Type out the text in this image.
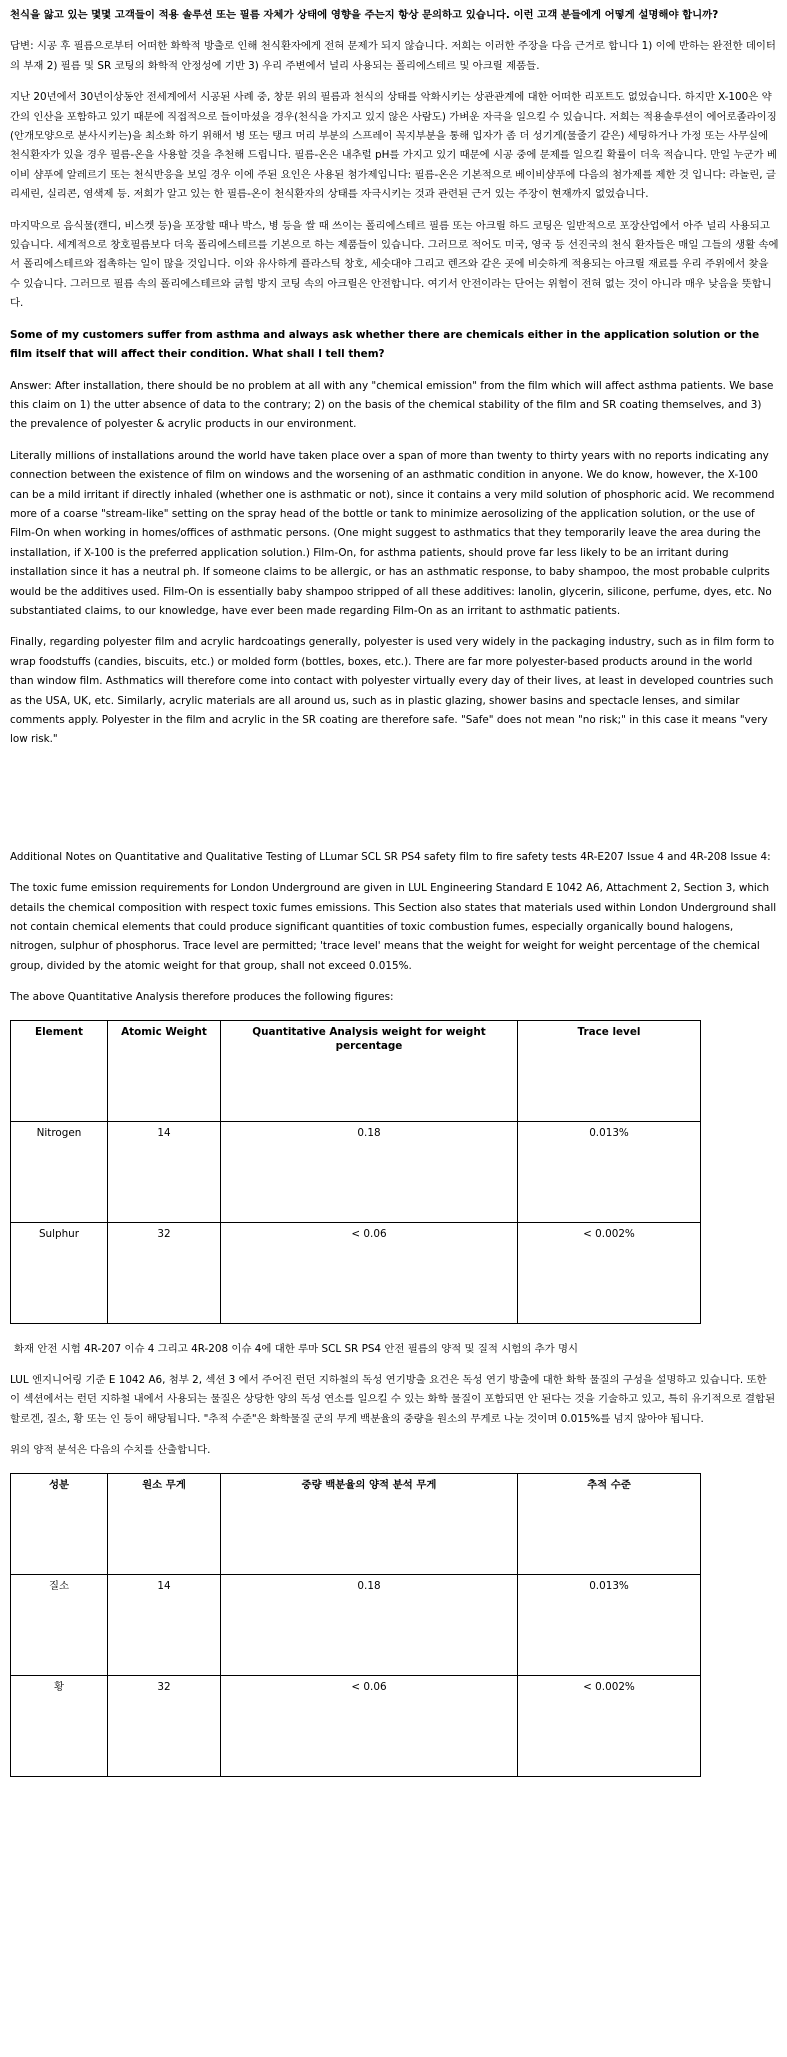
천식을 앓고 있는 몇몇 고객들이 적용 솔루션 또는 필름 자체가 상태에 영향을 주는지 항상 문의하고 있습니다. 이런 고객 분들에게 어떻게 설명해야 합니까?

답변: 시공 후 필름으로부터 어떠한 화학적 방출로 인해 천식환자에게 전혀 문제가 되지 않습니다. 저희는 이러한 주장을 다음 근거로 합니다 1) 이에 반하는 완전한 데이터의 부재 2) 필름 및 SR 코팅의 화학적 안정성에 기반 3) 우리 주변에서 널리 사용되는 폴리에스테르 및 아크릴 제품들.

지난 20년에서 30년이상동안 전세계에서 시공된 사례 중, 창문 위의 필름과 천식의 상태를 악화시키는 상관관계에 대한 어떠한 리포트도 없었습니다. 하지만 X-100은 약간의 인산을 포함하고 있기 때문에 직접적으로 들이마셨을 경우(천식을 가지고 있지 않은 사람도) 가벼운 자극을 일으킬 수 있습니다. 저희는 적용솔루션이 에어로졸라이징(안개모양으로 분사시키는)을 최소화 하기 위해서 병 또는 탱크 머리 부분의 스프레이 꼭지부분을 통해 입자가 좀 더 성기게(물줄기 같은) 세팅하거나 가정 또는 사무실에 천식환자가 있을 경우 필름-온을 사용할 것을 추천해 드립니다. 필름-온은 내추럴 pH를 가지고 있기 때문에 시공 중에 문제를 일으킬 확률이 더욱 적습니다. 만일 누군가 베이비 샴푸에 알레르기 또는 천식반응을 보일 경우 이에 주된 요인은 사용된 첨가제입니다: 필름-온은 기본적으로 베이비샴푸에 다음의 첨가제를 제한 것 입니다: 라놀린, 글리세린, 실리콘, 염색제 등. 저희가 알고 있는 한 필름-온이 천식환자의 상태를 자극시키는 것과 관련된 근거 있는 주장이 현재까지 없었습니다.

마지막으로 음식물(캔디, 비스켓 등)을 포장할 때나 박스, 병 등을 쌀 때 쓰이는 폴리에스테르 필름 또는 아크릴 하드 코팅은 일반적으로 포장산업에서 아주 널리 사용되고 있습니다. 세계적으로 창호필름보다 더욱 폴리에스테르를 기본으로 하는 제품들이 있습니다. 그러므로 적어도 미국, 영국 등 선진국의 천식 환자들은 매일 그들의 생활 속에서 폴리에스테르와 접촉하는 일이 많을 것입니다. 이와 유사하게 플라스틱 창호, 세숫대야 그리고 렌즈와 같은 곳에 비슷하게 적용되는 아크릴 재료를 우리 주위에서 찾을 수 있습니다. 그러므로 필름 속의 폴리에스테르와 긁힘 방지 코팅 속의 아크릴은 안전합니다. 여기서 안전이라는 단어는 위험이 전혀 없는 것이 아니라 매우 낮음을 뜻합니다.

Some of my customers suffer from asthma and always ask whether there are chemicals either in the application solution or the film itself that will affect their condition. What shall I tell them?

Answer: After installation, there should be no problem at all with any "chemical emission" from the film which will affect asthma patients. We base this claim on 1) the utter absence of data to the contrary; 2) on the basis of the chemical stability of the film and SR coating themselves, and 3) the prevalence of polyester & acrylic products in our environment.

Literally millions of installations around the world have taken place over a span of more than twenty to thirty years with no reports indicating any connection between the existence of film on windows and the worsening of an asthmatic condition in anyone. We do know, however, the X-100 can be a mild irritant if directly inhaled (whether one is asthmatic or not), since it contains a very mild solution of phosphoric acid. We recommend more of a coarse "stream-like" setting on the spray head of the bottle or tank to minimize aerosolizing of the application solution, or the use of Film-On when working in homes/offices of asthmatic persons. (One might suggest to asthmatics that they temporarily leave the area during the installation, if X-100 is the preferred application solution.) Film-On, for asthma patients, should prove far less likely to be an irritant during installation since it has a neutral ph. If someone claims to be allergic, or has an asthmatic response, to baby shampoo, the most probable culprits would be the additives used. Film-On is essentially baby shampoo stripped of all these additives: lanolin, glycerin, silicone, perfume, dyes, etc. No substantiated claims, to our knowledge, have ever been made regarding Film-On as an irritant to asthmatic patients.

Finally, regarding polyester film and acrylic hardcoatings generally, polyester is used very widely in the packaging industry, such as in film form to wrap foodstuffs (candies, biscuits, etc.) or molded form (bottles, boxes, etc.). There are far more polyester-based products around in the world than window film. Asthmatics will therefore come into contact with polyester virtually every day of their lives, at least in developed countries such as the USA, UK, etc. Similarly, acrylic materials are all around us, such as in plastic glazing, shower basins and spectacle lenses, and similar comments apply. Polyester in the film and acrylic in the SR coating are therefore safe. "Safe" does not mean "no risk;" in this case it means "very low risk."

Additional Notes on Quantitative and Qualitative Testing of LLumar SCL SR PS4 safety film to fire safety tests 4R-E207 Issue 4 and 4R-208 Issue 4:

The toxic fume emission requirements for London Underground are given in LUL Engineering Standard E 1042 A6, Attachment 2, Section 3, which details the chemical composition with respect toxic fumes emissions. This Section also states that materials used within London Underground shall not contain chemical elements that could produce significant quantities of toxic combustion fumes, especially organically bound halogens, nitrogen, sulphur of phosphorus. Trace level are permitted; 'trace level' means that the weight for weight for weight percentage of the chemical group, divided by the atomic weight for that group, shall not exceed 0.015%.

The above Quantitative Analysis therefore produces the following figures:

Element	Atomic Weight	Quantitative Analysis weight for weight percentage	Trace level
Nitrogen	14	0.18	0.013%
Sulphur	32	< 0.06	< 0.002%

화재 안전 시험 4R-207 이슈 4 그리고 4R-208 이슈 4에 대한 루마 SCL SR PS4 안전 필름의 양적 및 질적 시험의 추가 명시

LUL 엔지니어링 기준 E 1042 A6, 첨부 2, 섹션 3 에서 주어진 런던 지하철의 독성 연기방출 요건은 독성 연기 방출에 대한 화학 물질의 구성을 설명하고 있습니다. 또한 이 섹션에서는 런던 지하철 내에서 사용되는 물질은 상당한 양의 독성 연소를 일으킬 수 있는 화학 물질이 포함되면 안 된다는 것을 기술하고 있고, 특히 유기적으로 결합된 할로겐, 질소, 황 또는 인 등이 해당됩니다. "추적 수준"은 화학물질 군의 무게 백분율의 중량을 원소의 무게로 나눈 것이며 0.015%를 넘지 않아야 됩니다.

위의 양적 분석은 다음의 수치를 산출합니다.

성분	원소 무게	중량 백분율의 양적 분석 무게	추적 수준
질소	14	0.18	0.013%
황	32	< 0.06	< 0.002%
